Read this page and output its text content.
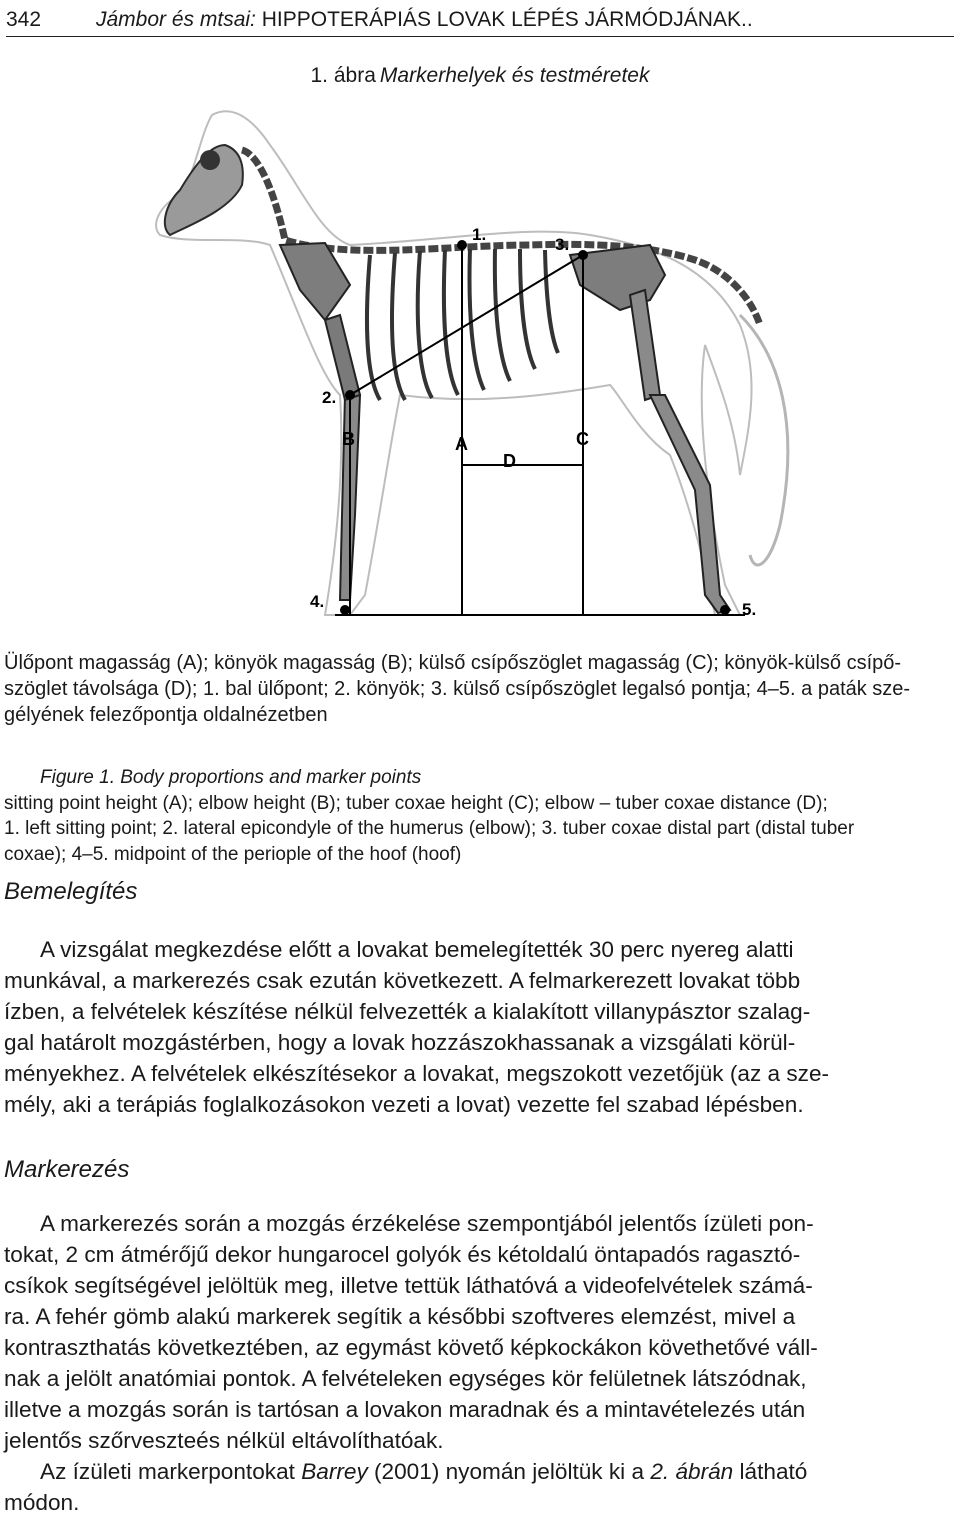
342	Jámbor és mtsai: HIPPOTERÁPIÁS LOVAK LÉPÉS JÁRMÓDJÁNAK..
1. ábra Markerhelyek és testméretek
1.
2.
3.
4.	5.
A
B	C
D

Ülőpont magasság (A); könyök magasság (B); külső csípőszöglet magasság (C); könyök-külső csípő-

szöglet távolsága (D); 1. bal ülőpont; 2. könyök; 3. külső csípőszöglet legalsó pontja; 4–5. a paták sze-

gélyének felezőpontja oldalnézetben

Figure 1. Body proportions and marker points

sitting point height (A); elbow height (B); tuber coxae height (C); elbow – tuber coxae distance (D);

1. left sitting point; 2. lateral epicondyle of the humerus (elbow); 3. tuber coxae distal part (distal tuber

coxae); 4–5. midpoint of the periople of the hoof (hoof)

Bemelegítés

A vizsgálat megkezdése előtt a lovakat bemelegítették 30 perc nyereg alatti

munkával, a markerezés csak ezután következett. A felmarkerezett lovakat több

ízben, a felvételek készítése nélkül felvezették a kialakított villanypásztor szalag-

gal határolt mozgástérben, hogy a lovak hozzászokhassanak a vizsgálati körül-

ményekhez. A felvételek elkészítésekor a lovakat, megszokott vezetőjük (az a sze-

mély, aki a terápiás foglalkozásokon vezeti a lovat) vezette fel szabad lépésben.

Markerezés

A markerezés során a mozgás érzékelése szempontjából jelentős ízületi pon-

tokat, 2 cm átmérőjű dekor hungarocel golyók és kétoldalú öntapadós ragasztó-

csíkok segítségével jelöltük meg, illetve tettük láthatóvá a videofelvételek számá-

ra. A fehér gömb alakú markerek segítik a későbbi szoftveres elemzést, mivel a

kontraszthatás következtében, az egymást követő képkockákon követhetővé váll-

nak a jelölt anatómiai pontok. A felvételeken egységes kör felületnek látszódnak,

illetve a mozgás során is tartósan a lovakon maradnak és a mintavételezés után

jelentős szőrveszteés nélkül eltávolíthatóak.

Az ízületi markerpontokat Barrey (2001) nyomán jelöltük ki a 2. ábrán látható

módon.
